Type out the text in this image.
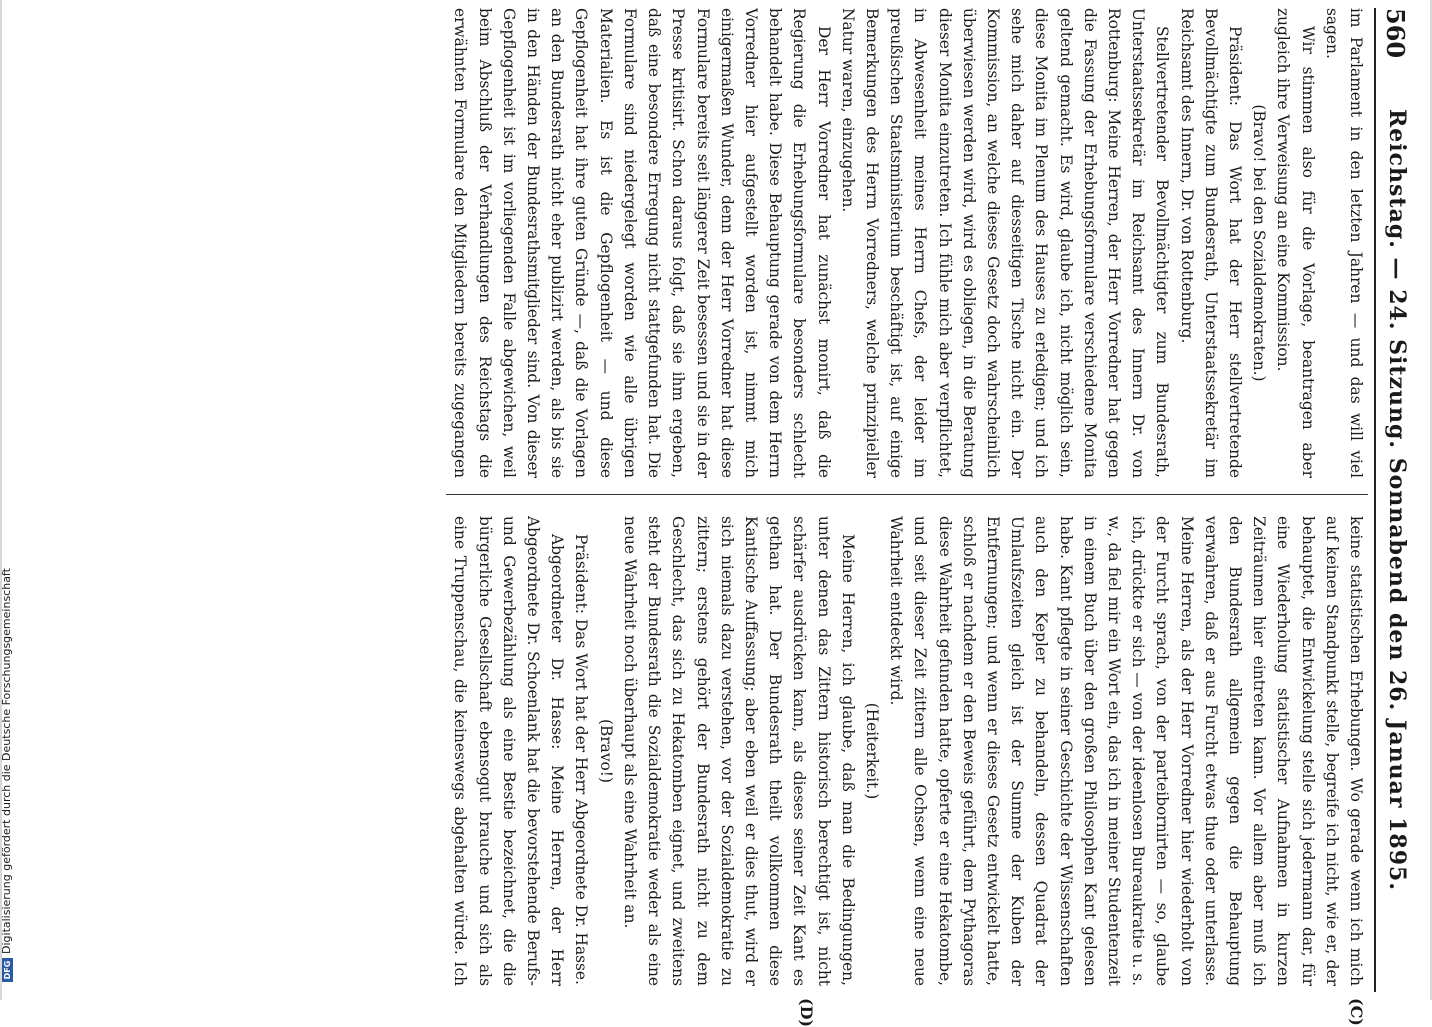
560
Reichstag. — 24. Sitzung. Sonnabend den 26. Januar 1895.
(C)
(D)

im Parlament in den letzten Jahren — und das will viel sagen.

Wir stimmen also für die Vorlage, beantragen aber zugleich ihre Verweisung an eine Kommission.

(Bravo! bei den Sozialdemokraten.)

Präsident: Das Wort hat der Herr stellvertretende Bevollmächtigte zum Bundesrath, Unterstaatssekretär im Reichsamt des Innern, Dr. von Rottenburg.

Stellvertretender Bevollmächtigter zum Bundesrath, Unterstaatssekretär im Reichsamt des Innern Dr. von Rottenburg: Meine Herren, der Herr Vorredner hat gegen die Fassung der Erhebungsformulare verschiedene Monita geltend gemacht. Es wird, glaube ich, nicht möglich sein, diese Monita im Plenum des Hauses zu erledigen; und ich sehe mich daher auf diesseitigen Tische nicht ein. Der Kommission, an welche dieses Gesetz doch wahrscheinlich überwiesen werden wird, wird es obliegen, in die Beratung dieser Monita einzutreten. Ich fühle mich aber verpflichtet, in Abwesenheit meines Herrn Chefs, der leider im preußischen Staatsministerium beschäftigt ist, auf einige Bemerkungen des Herrn Vorredners, welche prinzipieller Natur waren, einzugehen.

Der Herr Vorredner hat zunächst monirt, daß die Regierung die Erhebungsformulare besonders schlecht behandelt habe. Diese Behauptung gerade von dem Herrn Vorredner hier aufgestellt worden ist, nimmt mich einigermaßen Wunder, denn der Herr Vorredner hat diese Formulare bereits seit längerer Zeit besessen und sie in der Presse kritisirt. Schon daraus folgt, daß sie ihm ergeben, daß eine besondere Erregung nicht stattgefunden hat. Die Formulare sind niedergelegt worden wie alle übrigen Materialien. Es ist die Gepflogenheit — und diese Gepflogenheit hat ihre guten Gründe —, daß die Vorlagen an den Bundesrath nicht eher publizirt werden, als bis sie in den Händen der Bundesrathsmitglieder sind. Von dieser Gepflogenheit ist im vorliegenden Falle abgewichen, weil beim Abschluß der Verhandlungen des Reichstags die erwähnten Formulare den Mitgliedern bereits zugegangen

keine statistischen Erhebungen. Wo gerade wenn ich mich auf keinen Standpunkt stelle, begreife ich nicht, wie er, der behauptet, die Entwickelung stelle sich jedermann dar, für eine Wiederholung statistischer Aufnahmen in kurzen Zeiträumen hier eintreten kann. Vor allem aber muß ich den Bundesrath allgemein gegen die Behauptung verwahren, daß er aus Furcht etwas thue oder unterlasse. Meine Herren, als der Herr Vorredner hier wiederholt von der Furcht sprach, von der parteibornirten — so, glaube ich, drückte er sich — von der ideenlosen Bureaukratie u. s. w., da fiel mir ein Wort ein, das ich in meiner Studentenzeit in einem Buch über den großen Philosophen Kant gelesen habe. Kant pflegte in seiner Geschichte der Wissenschaften auch den Kepler zu behandeln, dessen Quadrat der Umlaufszeiten gleich ist der Summe der Kuben der Entfernungen; und wenn er dieses Gesetz entwickelt hatte, schloß er nachdem er den Beweis geführt, dem Pythagoras diese Wahrheit gefunden hatte, opferte er eine Hekatombe, und seit dieser Zeit zittern alle Ochsen, wenn eine neue Wahrheit entdeckt wird.

(Heiterkeit.)

Meine Herren, ich glaube, daß man die Bedingungen, unter denen das Zittern historisch berechtigt ist, nicht schärfer ausdrücken kann, als dieses seiner Zeit Kant es gethan hat. Der Bundesrath theilt vollkommen diese Kantische Auffassung; aber eben weil er dies thut, wird er sich niemals dazu verstehen, vor der Sozialdemokratie zu zittern; erstens gehört der Bundesrath nicht zu dem Geschlecht, das sich zu Hekatomben eignet, und zweitens steht der Bundesrath die Sozialdemokratie weder als eine neue Wahrheit noch überhaupt als eine Wahrheit an.

(Bravo!)

Präsident: Das Wort hat der Herr Abgeordnete Dr. Hasse.

Abgeordneter Dr. Hasse: Meine Herren, der Herr Abgeordnete Dr. Schoenlank hat die bevorstehende Berufs- und Gewerbezählung als eine Bestie bezeichnet, die die bürgerliche Gesellschaft ebensogut brauche und sich als eine Truppenschau, die keineswegs abgehalten würde. Ich

DFGDigitalisierung gefördert durch die Deutsche Forschungsgemeinschaft
